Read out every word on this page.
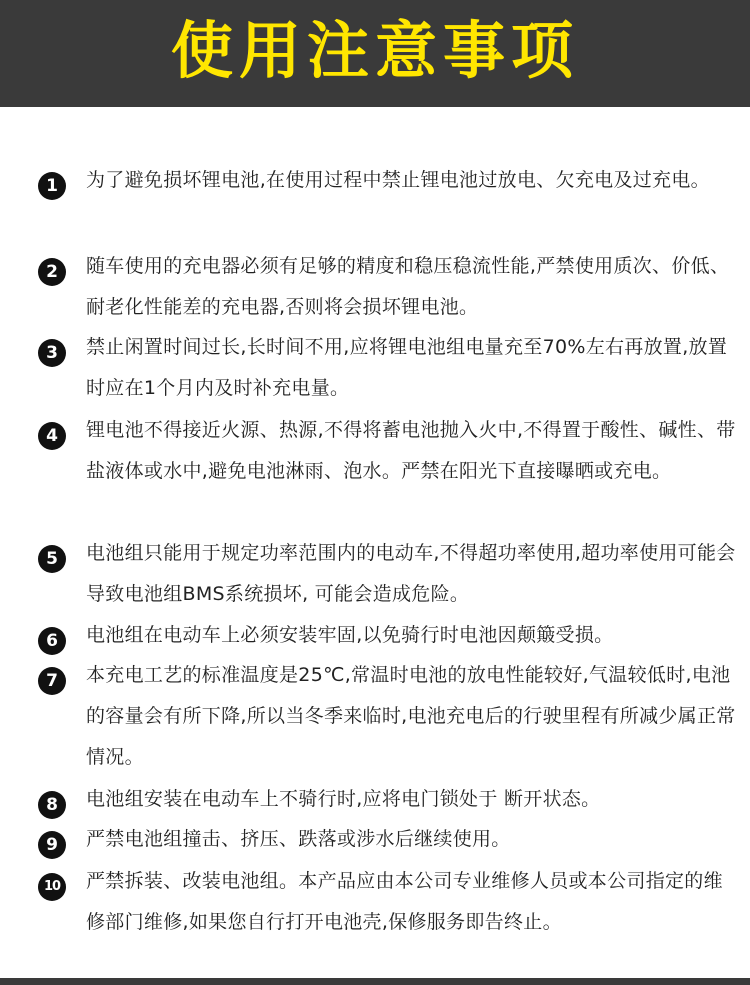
使用注意事项
1	为了避免损坏锂电池,在使用过程中禁止锂电池过放电、欠充电及过充电。
2	随车使用的充电器必须有足够的精度和稳压稳流性能,严禁使用质次、价低、耐老化性能差的充电器,否则将会损坏锂电池。
3	禁止闲置时间过长,长时间不用,应将锂电池组电量充至70%左右再放置,放置时应在1个月内及时补充电量。
4	锂电池不得接近火源、热源,不得将蓄电池抛入火中,不得置于酸性、碱性、带盐液体或水中,避免电池淋雨、泡水。严禁在阳光下直接曝晒或充电。
5	电池组只能用于规定功率范围内的电动车,不得超功率使用,超功率使用可能会导致电池组BMS系统损坏, 可能会造成危险。
6	电池组在电动车上必须安装牢固,以免骑行时电池因颠簸受损。
7	本充电工艺的标准温度是25℃,常温时电池的放电性能较好,气温较低时,电池的容量会有所下降,所以当冬季来临时,电池充电后的行驶里程有所减少属正常情况。
8	电池组安装在电动车上不骑行时,应将电门锁处于 断开状态。
9	严禁电池组撞击、挤压、跌落或涉水后继续使用。
10	严禁拆装、改装电池组。本产品应由本公司专业维修人员或本公司指定的维修部门维修,如果您自行打开电池壳,保修服务即告终止。
